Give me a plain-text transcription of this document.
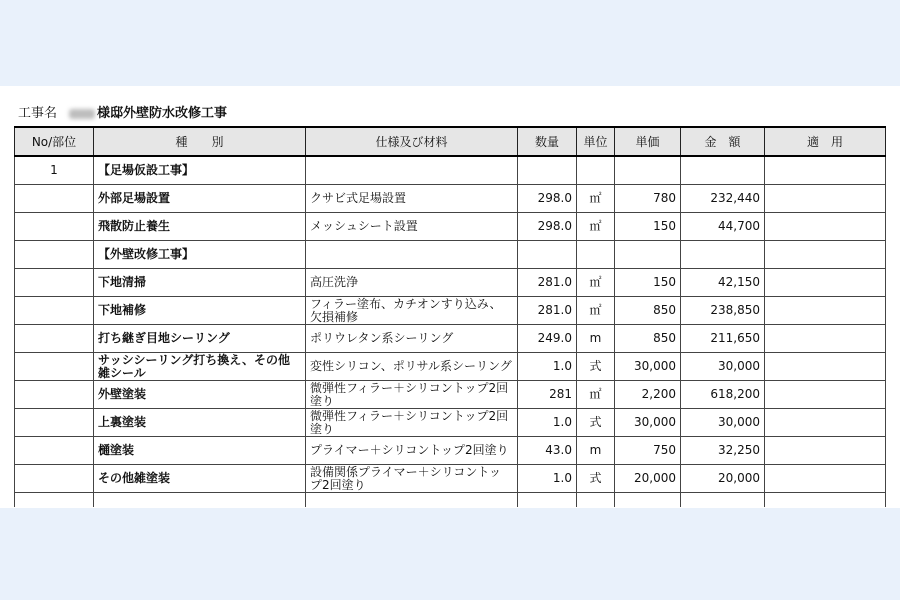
工事名	様邸外壁防水改修工事
No/部位	種　　別	仕様及び材料	数量	単位	単価	金　額	適　用
1	【足場仮設工事】						
	外部足場設置	クサビ式足場設置	298.0	㎡	780	232,440	
	飛散防止養生	メッシュシート設置	298.0	㎡	150	44,700	
	【外壁改修工事】						
	下地清掃	高圧洗浄	281.0	㎡	150	42,150	
	下地補修	フィラー塗布、カチオンすり込み、欠損補修	281.0	㎡	850	238,850	
	打ち継ぎ目地シーリング	ポリウレタン系シーリング	249.0	m	850	211,650	
	サッシシーリング打ち換え、その他雑シール	変性シリコン、ポリサル系シーリング	1.0	式	30,000	30,000	
	外壁塗装	微弾性フィラー＋シリコントップ2回塗り	281	㎡	2,200	618,200	
	上裏塗装	微弾性フィラー＋シリコントップ2回塗り	1.0	式	30,000	30,000	
	樋塗装	プライマー＋シリコントップ2回塗り	43.0	m	750	32,250	
	その他雑塗装	設備関係プライマー＋シリコントップ2回塗り	1.0	式	20,000	20,000	
